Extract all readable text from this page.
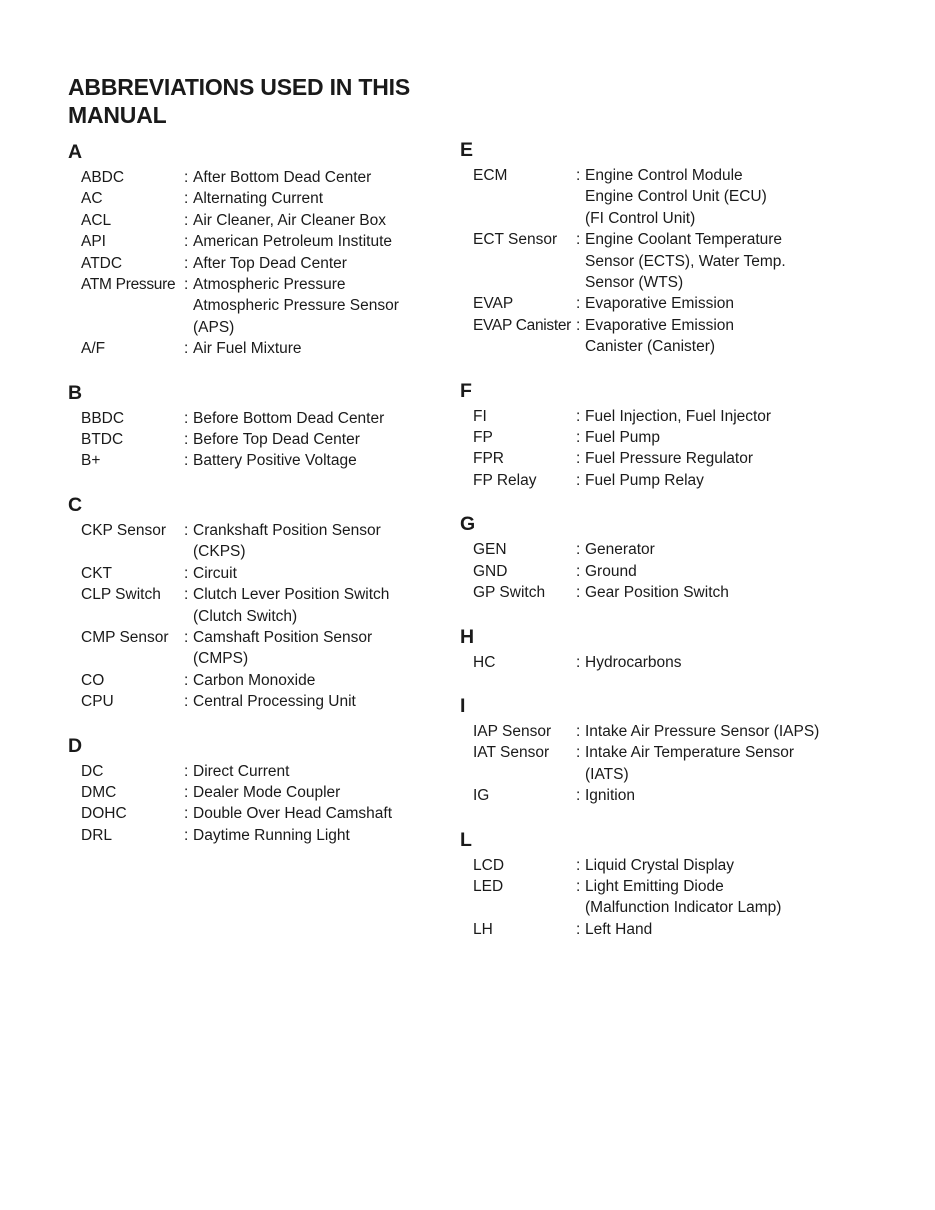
ABBREVIATIONS USED IN THIS
MANUAL
A
ABDC	: After Bottom Dead Center
AC	: Alternating Current
ACL	: Air Cleaner, Air Cleaner Box
API	: American Petroleum Institute
ATDC	: After Top Dead Center
ATM Pressure : Atmospheric Pressure
Atmospheric Pressure Sensor
(APS)
A/F	: Air Fuel Mixture
B
BBDC	: Before Bottom Dead Center
BTDC	: Before Top Dead Center
B+	: Battery Positive Voltage
C
CKP Sensor	: Crankshaft Position Sensor
(CKPS)
CKT	: Circuit
CLP Switch	: Clutch Lever Position Switch
(Clutch Switch)
CMP Sensor : Camshaft Position Sensor
(CMPS)
CO	: Carbon Monoxide
CPU	: Central Processing Unit
D
DC	: Direct Current
DMC	: Dealer Mode Coupler
DOHC	: Double Over Head Camshaft
DRL	: Daytime Running Light
E
ECM	: Engine Control Module
Engine Control Unit (ECU)
(FI Control Unit)
ECT Sensor	: Engine Coolant Temperature
Sensor (ECTS), Water Temp.
Sensor (WTS)
EVAP	: Evaporative Emission
EVAP Canister : Evaporative Emission
Canister (Canister)
F
FI	: Fuel Injection, Fuel Injector
FP	: Fuel Pump
FPR	: Fuel Pressure Regulator
FP Relay	: Fuel Pump Relay
G
GEN	: Generator
GND	: Ground
GP Switch	: Gear Position Switch
H
HC	: Hydrocarbons
I
IAP Sensor	: Intake Air Pressure Sensor (IAPS)
IAT Sensor	: Intake Air Temperature Sensor
(IATS)
IG	: Ignition
L
LCD	: Liquid Crystal Display
LED	: Light Emitting Diode
(Malfunction Indicator Lamp)
LH	: Left Hand
